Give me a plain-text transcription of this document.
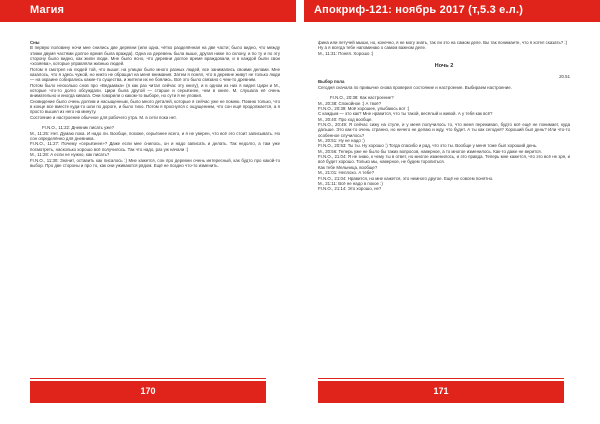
Магия

Сны

В первую половину ночи мне снились две деревни (или одна, чётко разделённая на две части; было видно, что между этими двумя частями долгое время была вражда). Одна из деревень была выше, другая ниже по склону, и по ту и по эту сторону было видно, как жили люди. Мне было ясно, что деревни долгое время враждовали, и в каждой были свои «хозяева», которые управляли жизнью людей.

Потом я смотрел на людей той, что выше: на улицах было много разных людей, все занимались своими делами. Мне казалось, что я здесь чужой, но никто не обращал на меня внимания. Затем я понял, что в деревне живут не только люди — на окраине собирались какие-то существа, и жители их не боялись. Всё это было связано с чем-то древним.

Потом было несколько снов про «Ведьмака» (я как раз читал сейчас эту книгу), и в одном из них я видел Цири и М., которые что-то долго обсуждали. Цири была другой — старше и серьёзнее, чем в книге. М. слушала её очень внимательно и иногда кивала. Они говорили о каком-то выборе, но сути я не уловил.

Сновидение было очень долгим и насыщенным, было много деталей, которые я сейчас уже не помню. Помню только, что в конце все вместе куда-то шли по дороге, и было тихо. Потом я проснулся с ощущением, что сон ещё продолжается, а я просто вышел из него на минуту.

Состояние и настроение обычное для рабочего утра. М. в сети пока нет.

Fr.N.O., 11:22: Дневник писать уже?

М., 11:25: Нет. Думаю пока. И надо ли. Вообще, похоже, серьёзнее всего, и я не уверен, что всё это стоит записывать. Но сон определённо для дневника.

Fr.N.O., 11:27: Почему «серьёзнее»? Даже если мне снилось, он и надо записать и делать. Так недолго, а там уже посмотреть, насколько хорошо всё получилось. Так что надо, раз уж начали :)

М., 11:28: А если не нужно, как писать?

Fr.N.O., 11:30: Значит, оставить как писалось :) Мне кажется, сон про деревни очень интересный, как будто про какой-то выбор. Про две стороны и про то, как они уживаются рядом. Ещё не поздно что-то изменить.

170
Апокриф-121: ноябрь 2017 (т,5.3 е.л.)

фина или летучей мыши, но, конечно, я не могу знать, так ли это на самом деле. Вы так понимаете, что я хотел сказать? :)

Ну а я всегда тебе напоминаю о самом важном деле.

М., 11:31: Понял. Хорошо :)

Ночь 2

20.51

Выбор пола

Сегодня сначала по привычке снова проверил состояние и настроение. Выбираем настроение.

Fr.N.O., 20:38: Как настроение?

М., 20:38: Спокойное :) А твоё?

Fr.N.O., 20:39: Моё хорошее, улыбаюсь вот :)

С каждым — это как? Мне нравится, что ты такой, весёлый и живой. А у тебя как всё?

М., 20:40: Про ход вообще.

Fr.N.O., 20:49: Я сейчас сижу на стуле, и у меня получилось то, что меня переживал, будто всё ещё не понимает, куда дальше. Это как-то очень странно, но ничего не делаю и жду, что будет. А ты как сегодня? Хороший был день? Или что-то особенное случилось?

М., 20:51: Ну не надо :)

Fr.N.O., 20:53: Ты ты. Ну хорошо :) Тогда спасибо и рад, что это ты. Вообще у меня тоже был хороший день.

М., 20:56: Теперь уже не было бы таких вопросов, наверное, а то многое изменилось. Как-то даже не верится.

Fr.N.O., 21:04: Я не знаю, к чему ты в ответ, но многое изменилось, и это правда. Теперь мне кажется, что это всё не зря, и всё будет хорошо. Только мы, наверное, не будем торопиться.

Как тебе Мельница, вообще?

М., 21:01: Неплохо. А тебе?

Fr.N.O., 21:04: Нравится, но мне кажется, это немного другое. Ещё не совсем понятно.

М., 21:11: Всё не надо в покое :)

Fr.N.O., 21:14: Это хорошо, не?

171
